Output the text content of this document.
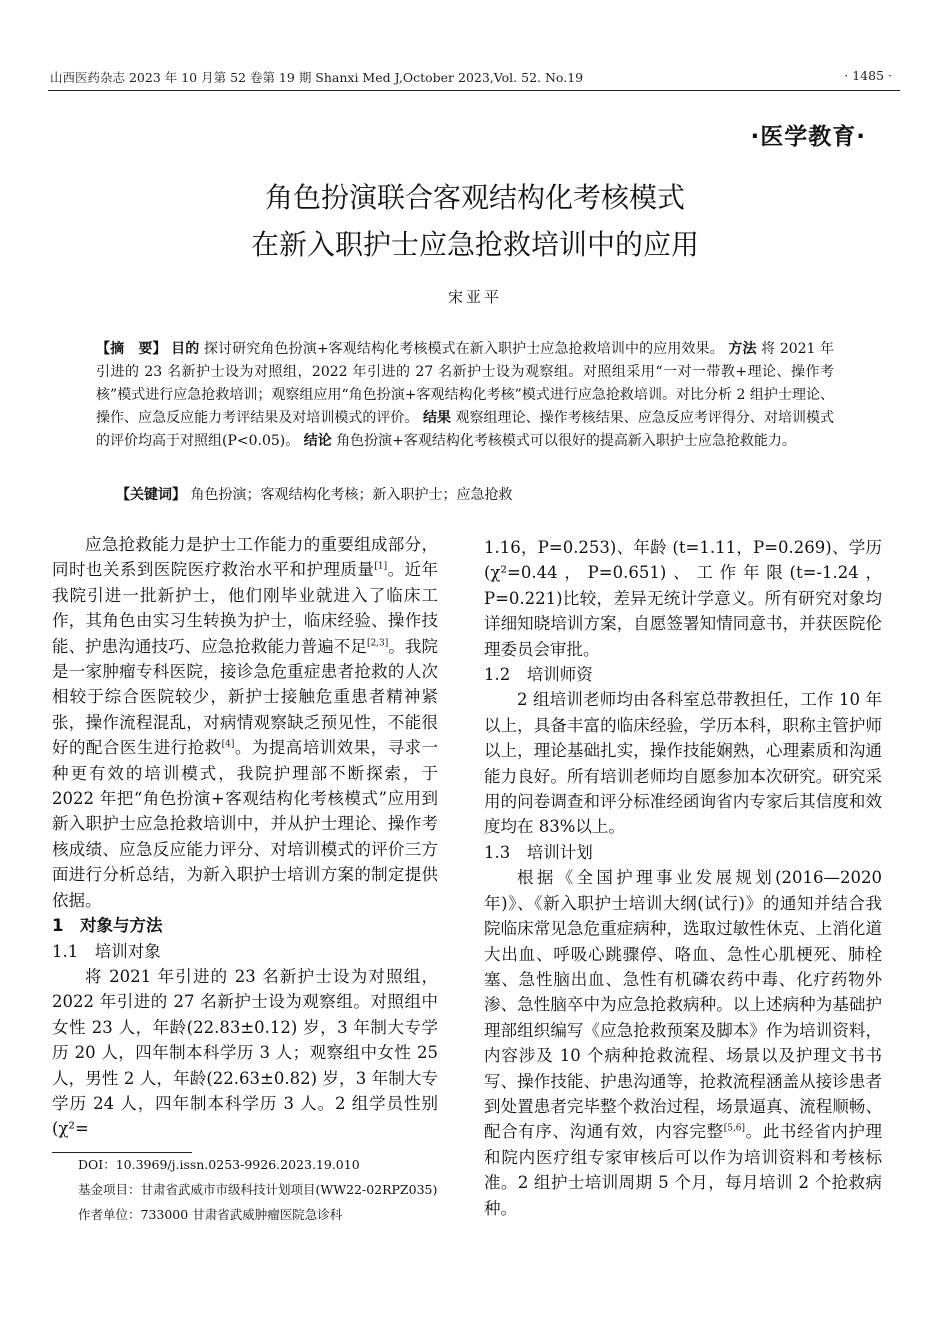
山西医药杂志 2023 年 10 月第 52 卷第 19 期 Shanxi Med J,October 2023,Vol. 52. No.19	· 1485 ·
·医学教育·
角色扮演联合客观结构化考核模式
在新入职护士应急抢救培训中的应用
宋亚平
【摘　要】 目的 探讨研究角色扮演+客观结构化考核模式在新入职护士应急抢救培训中的应用效果。 方法 将 2021 年引进的 23 名新护士设为对照组，2022 年引进的 27 名新护士设为观察组。对照组采用“一对一带教+理论、操作考核”模式进行应急抢救培训；观察组应用“角色扮演+客观结构化考核”模式进行应急抢救培训。对比分析 2 组护士理论、操作、应急反应能力考评结果及对培训模式的评价。 结果 观察组理论、操作考核结果、应急反应考评得分、对培训模式的评价均高于对照组(P<0.05)。 结论 角色扮演+客观结构化考核模式可以很好的提高新入职护士应急抢救能力。
【关键词】 角色扮演；客观结构化考核；新入职护士；应急抢救

应急抢救能力是护士工作能力的重要组成部分，同时也关系到医院医疗救治水平和护理质量[1]。近年我院引进一批新护士，他们刚毕业就进入了临床工作，其角色由实习生转换为护士，临床经验、操作技能、护患沟通技巧、应急抢救能力普遍不足[2,3]。我院是一家肿瘤专科医院，接诊急危重症患者抢救的人次相较于综合医院较少，新护士接触危重患者精神紧张，操作流程混乱，对病情观察缺乏预见性，不能很好的配合医生进行抢救[4]。为提高培训效果，寻求一种更有效的培训模式，我院护理部不断探索，于 2022 年把“角色扮演+客观结构化考核模式”应用到新入职护士应急抢救培训中，并从护士理论、操作考核成绩、应急反应能力评分、对培训模式的评价三方面进行分析总结，为新入职护士培训方案的制定提供依据。

1　对象与方法
1.1　培训对象

将 2021 年引进的 23 名新护士设为对照组，2022 年引进的 27 名新护士设为观察组。对照组中女性 23 人，年龄(22.83±0.12) 岁，3 年制大专学历 20 人，四年制本科学历 3 人；观察组中女性 25 人，男性 2 人，年龄(22.63±0.82) 岁，3 年制大专学历 24 人，四年制本科学历 3 人。2 组学员性别 (χ²=

1.16，P=0.253)、年龄 (t=1.11，P=0.269)、学历 (χ²=0.44，P=0.651)、工作年限(t=-1.24，P=0.221)比较，差异无统计学意义。所有研究对象均详细知晓培训方案，自愿签署知情同意书，并获医院伦理委员会审批。

1.2　培训师资

2 组培训老师均由各科室总带教担任，工作 10 年以上，具备丰富的临床经验，学历本科，职称主管护师以上，理论基础扎实，操作技能娴熟，心理素质和沟通能力良好。所有培训老师均自愿参加本次研究。研究采用的问卷调查和评分标准经函询省内专家后其信度和效度均在 83%以上。

1.3　培训计划

根据《全国护理事业发展规划(2016—2020 年)》、《新入职护士培训大纲(试行)》的通知并结合我院临床常见急危重症病种，选取过敏性休克、上消化道大出血、呼吸心跳骤停、咯血、急性心肌梗死、肺栓塞、急性脑出血、急性有机磷农药中毒、化疗药物外渗、急性脑卒中为应急抢救病种。以上述病种为基础护理部组织编写《应急抢救预案及脚本》作为培训资料，内容涉及 10 个病种抢救流程、场景以及护理文书书写、操作技能、护患沟通等，抢救流程涵盖从接诊患者到处置患者完毕整个救治过程，场景逼真、流程顺畅、配合有序、沟通有效，内容完整[5,6]。此书经省内护理和院内医疗组专家审核后可以作为培训资料和考核标准。2 组护士培训周期 5 个月，每月培训 2 个抢救病种。

DOI：10.3969/j.issn.0253-9926.2023.19.010

基金项目：甘肃省武威市市级科技计划项目(WW22-02RPZ035)

作者单位：733000 甘肃省武威肿瘤医院急诊科
